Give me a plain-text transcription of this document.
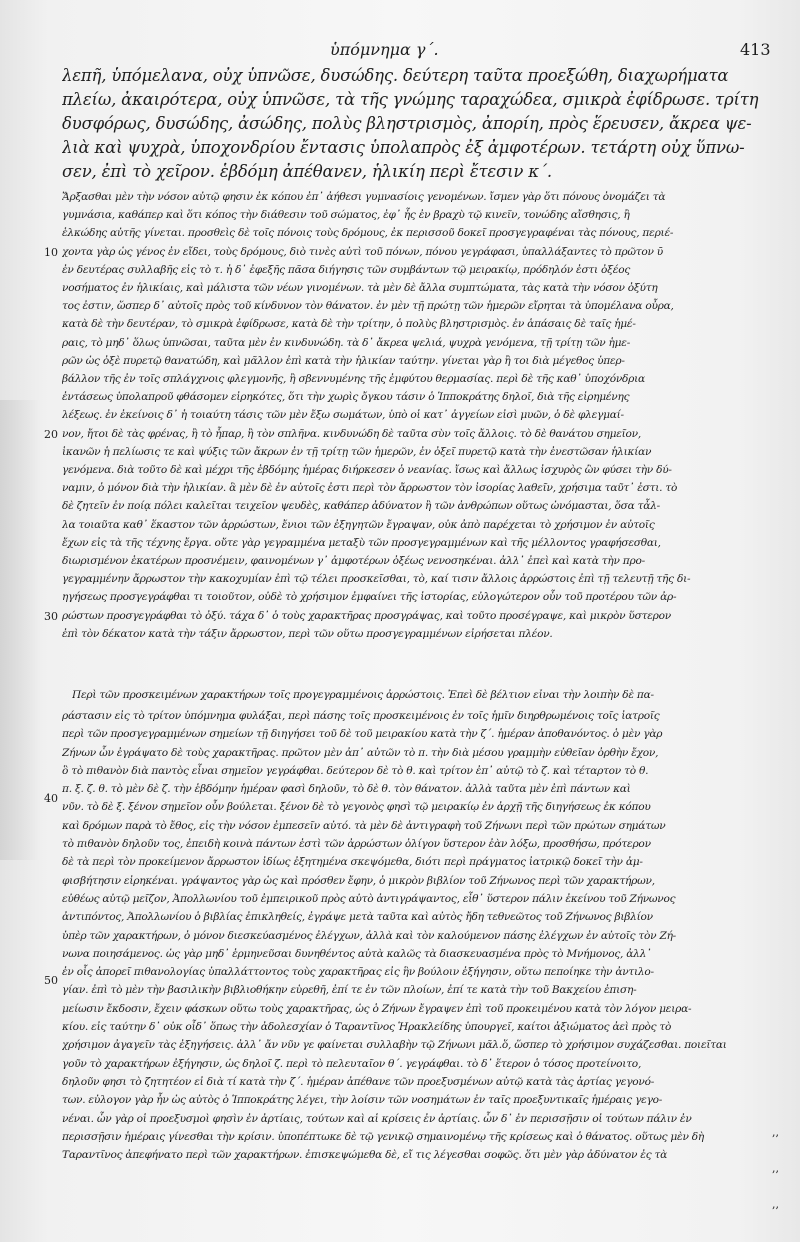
ὑπόμνημα γ´.	413
λεπῆ, ὑπόμελανα, οὐχ ὑπνῶσε, δυσώδης. δεύτερη ταῦτα προεξώθη, διαχωρήματα
πλείω, ἀκαιρότερα, οὐχ ὑπνῶσε, τὰ τῆς γνώμης ταραχώδεα, σμικρὰ ἐφίδρωσε. τρίτη
δυσφόρως, δυσώδης, ἀσώδης, πολὺς βληστρισμὸς, ἀπορίη, πρὸς ἕρευσεν, ἄκρεα ψε-
λιὰ καὶ ψυχρὰ, ὑποχονδρίου ἔντασις ὑπολαπρὸς ἐξ ἀμφοτέρων. τετάρτη οὐχ ὕπνω-
σεν, ἐπὶ τὸ χεῖρον. ἑβδόμη ἀπέθανεν, ἡλικίη περὶ ἔτεσιν κ´.
Ἄρξασθαι μὲν τὴν νόσον αὐτῷ φησιν ἐκ κόπου ἐπ᾽ ἀήθεσι γυμνασίοις γενομένων. ἴσμεν γὰρ ὅτι πόνους ὀνομάζει τὰ
γυμνάσια, καθάπερ καὶ ὅτι κόπος τὴν διάθεσιν τοῦ σώματος, ἐφ᾽ ἧς ἐν βραχὺ τῷ κινεῖν, τονώδης αἴσθησις, ἢ
ἑλκώδης αὐτῆς γίνεται. προσθεὶς δὲ τοῖς πόνοις τοὺς δρόμους, ἐκ περισσοῦ δοκεῖ προσγεγραφέναι τὰς πόνους, περιέ-
χοντα γὰρ ὡς γένος ἐν εἴδει, τοὺς δρόμους, διὸ τινὲς αὐτὶ τοῦ πόνων, πόνου γεγράφασι, ὑπαλλάξαντες τὸ πρῶτον ῡ
ἐν δευτέρας συλλαβῆς εἰς τὸ τ. ἡ δ᾽ ἐφεξῆς πᾶσα διήγησις τῶν συμβάντων τῷ μειρακίῳ, πρόδηλόν ἐστι ὀξέος
νοσήματος ἐν ἡλικίαις, καὶ μάλιστα τῶν νέων γινομένων. τὰ μὲν δὲ ἄλλα συμπτώματα, τὰς κατὰ τὴν νόσον ὀξύτη
τος ἐστιν, ὥσπερ δ᾽ αὐτοῖς πρὸς τοῦ κίνδυνον τὸν θάνατον. ἐν μὲν τῇ πρώτῃ τῶν ἡμερῶν εἴρηται τὰ ὑπομέλανα οὖρα,
κατὰ δὲ τὴν δευτέραν, τὸ σμικρὰ ἐφίδρωσε, κατὰ δὲ τὴν τρίτην, ὁ πολὺς βληστρισμὸς. ἐν ἁπάσαις δὲ ταῖς ἡμέ-
ραις, τὸ μηδ᾽ ὅλως ὑπνῶσαι, ταῦτα μὲν ἐν κινδυνώδη. τὰ δ᾽ ἄκρεα ψελιά, ψυχρὰ γενόμενα, τῇ τρίτῃ τῶν ἡμε-
ρῶν ὡς ὀξὲ πυρετῷ θανατώδη, καὶ μᾶλλον ἐπὶ κατὰ τὴν ἡλικίαν ταύτην. γίνεται γὰρ ἢ τοι διὰ μέγεθος ὑπερ-
βάλλον τῆς ἐν τοῖς σπλάγχνοις φλεγμονῆς, ἢ σβεννυμένης τῆς ἐμφύτου θερμασίας. περὶ δὲ τῆς καθ᾽ ὑποχόνδρια
ἐντάσεως ὑπολαπροῦ φθάσομεν εἰρηκότες, ὅτι τὴν χωρὶς ὄγκου τάσιν ὁ Ἱπποκράτης δηλοῖ, διὰ τῆς εἰρημένης
λέξεως. ἐν ἐκείνοις δ᾽ ἡ τοιαύτη τάσις τῶν μὲν ἔξω σωμάτων, ὑπὸ οἱ κατ᾽ ἀγγείων εἰσὶ μυῶν, ὁ δὲ φλεγμαί-
νον, ἤτοι δὲ τὰς φρένας, ἢ τὸ ἧπαρ, ἢ τὸν σπλῆνα. κινδυνώδη δὲ ταῦτα σὺν τοῖς ἄλλοις. τὸ δὲ θανάτου σημεῖον,
ἱκανῶν ἡ πελίωσις τε καὶ ψύξις τῶν ἄκρων ἐν τῇ τρίτῃ τῶν ἡμερῶν, ἐν ὀξεῖ πυρετῷ κατὰ τὴν ἐνεστῶσαν ἡλικίαν
γενόμενα. διὰ τοῦτο δὲ καὶ μέχρι τῆς ἑβδόμης ἡμέρας διήρκεσεν ὁ νεανίας. ἴσως καὶ ἄλλως ἰσχυρὸς ὢν φύσει τὴν δύ-
ναμιν, ὁ μόνον διὰ τὴν ἡλικίαν. ἃ μὲν δὲ ἐν αὐτοῖς ἐστι περὶ τὸν ἄρρωστον τὸν ἰσορίας λαθεῖν, χρήσιμα ταῦτ᾽ ἐστι. τὸ
δὲ ζητεῖν ἐν ποίᾳ πόλει καλεῖται τειχεῖον ψευδὲς, καθάπερ ἀδύνατον ἢ τῶν ἀνθρώπων οὕτως ὠνόμασται, ὅσα τἆλ-
λα τοιαῦτα καθ᾽ ἕκαστον τῶν ἀρρώστων, ἔνιοι τῶν ἐξηγητῶν ἔγραψαν, οὐκ ἀπὸ παρέχεται τὸ χρήσιμον ἐν αὐτοῖς
ἔχων εἰς τὰ τῆς τέχνης ἔργα. οὔτε γὰρ γεγραμμένα μεταξὺ τῶν προσγεγραμμένων καὶ τῆς μέλλοντος γραφήσεσθαι,
διωρισμένον ἑκατέρων προσνέμειν, φαινομένων γ᾽ ἀμφοτέρων ὀξέως νενοσηκέναι. ἀλλ᾽ ἐπεὶ καὶ κατὰ τὴν προ-
γεγραμμένην ἄρρωστον τὴν κακοχυμίαν ἐπὶ τῷ τέλει προσκεῖσθαι, τὸ, καί τισιν ἄλλοις ἀρρώστοις ἐπὶ τῇ τελευτῇ τῆς δι-
ηγήσεως προσγεγράφθαι τι τοιοῦτον, οὐδὲ τὸ χρήσιμον ἐμφαίνει τῆς ἱστορίας, εὐλογώτερον οὖν τοῦ προτέρου τῶν ἀρ-
ρώστων προσγεγράφθαι τὸ ὀξύ. τάχα δ᾽ ὁ τοὺς χαρακτῆρας προσγράψας, καὶ τοῦτο προσέγραψε, καὶ μικρὸν ὕστερον
ἐπὶ τὸν δέκατον κατὰ τὴν τάξιν ἄρρωστον, περὶ τῶν οὕτω προσγεγραμμένων εἰρήσεται πλέον.
Περὶ τῶν προσκειμένων χαρακτήρων τοῖς προγεγραμμένοις ἀρρώστοις. Ἐπεὶ δὲ βέλτιον εἶναι τὴν λοιπὴν δὲ πα-
ράστασιν εἰς τὸ τρίτον ὑπόμνημα φυλάξαι, περὶ πάσης τοῖς προσκειμένοις ἐν τοῖς ἡμῖν διηρθρωμένοις τοῖς ἰατροῖς
περὶ τῶν προσγεγραμμένων σημείων τῇ διηγήσει τοῦ δὲ τοῦ μειρακίου κατὰ τὴν ζ´. ἡμέραν ἀποθανόντος. ὁ μὲν γὰρ
Ζήνων ὧν ἐγράψατο δὲ τοὺς χαρακτῆρας. πρῶτον μὲν ἀπ᾽ αὐτῶν τὸ π. τὴν διὰ μέσου γραμμὴν εὐθεῖαν ὀρθὴν ἔχον,
ὃ τὸ πιθανὸν διὰ παντὸς εἶναι σημεῖον γεγράφθαι. δεύτερον δὲ τὸ θ. καὶ τρίτον ἐπ᾽ αὐτῷ τὸ ζ. καὶ τέταρτον τὸ θ.
π. ξ. ζ. θ. τὸ μὲν δὲ ζ. τὴν ἑβδόμην ἡμέραν φασὶ δηλοῦν, τὸ δὲ θ. τὸν θάνατον. ἀλλὰ ταῦτα μὲν ἐπὶ πάντων καὶ
νῦν. τὸ δὲ ξ. ξένον σημεῖον οὖν βούλεται. ξένον δὲ τὸ γεγονὸς φησὶ τῷ μειρακίῳ ἐν ἀρχῇ τῆς διηγήσεως ἐκ κόπου
καὶ δρόμων παρὰ τὸ ἔθος, εἰς τὴν νόσον ἐμπεσεῖν αὐτό. τὰ μὲν δὲ ἀντιγραφὴ τοῦ Ζήνωνι περὶ τῶν πρώτων σημάτων
τὸ πιθανὸν δηλοῦν τος, ἐπειδὴ κοινὰ πάντων ἐστὶ τῶν ἀρρώστων ὀλίγον ὕστερον ἐὰν λόξω, προσθήσω, πρότερον
δὲ τὰ περὶ τὸν προκείμενον ἄρρωστον ἰδίως ἐξητημένα σκεψόμεθα, διότι περὶ πράγματος ἰατρικῷ δοκεῖ τὴν ἀμ-
φισβήτησιν εἰρηκέναι. γράψαντος γὰρ ὡς καὶ πρόσθεν ἔφην, ὁ μικρὸν βιβλίον τοῦ Ζήνωνος περὶ τῶν χαρακτήρων,
εὐθέως αὐτῷ μεῖζον, Ἀπολλωνίου τοῦ ἐμπειρικοῦ πρὸς αὐτὸ ἀντιγράψαντος, εἶθ᾽ ὕστερον πάλιν ἐκείνου τοῦ Ζήνωνος
ἀντιπόντος, Ἀπολλωνίου ὁ βιβλίας ἐπικληθείς, ἐγράψε μετὰ ταῦτα καὶ αὐτὸς ἤδη τεθνεῶτος τοῦ Ζήνωνος βιβλίον
ὑπὲρ τῶν χαρακτήρων, ὁ μόνον διεσκεύασμένος ἐλέγχων, ἀλλὰ καὶ τὸν καλούμενον πάσης ἐλέγχων ἐν αὐτοῖς τὸν Ζή-
νωνα ποιησάμενος. ὡς γὰρ μηδ᾽ ἑρμηνεῦσαι δυνηθέντος αὐτὰ καλῶς τὰ διασκευασμένα πρὸς τὸ Μνήμονος, ἀλλ᾽
ἐν οἷς ἀπορεῖ πιθανολογίας ὑπαλλάττοντος τοὺς χαρακτῆρας εἰς ἣν βούλοιν ἐξήγησιν, οὕτω πεποίηκε τὴν ἀντιλο-
γίαν. ἐπὶ τὸ μὲν τὴν βασιλικὴν βιβλιοθήκην εὑρεθῆ, ἐπί τε ἐν τῶν πλοίων, ἐπί τε κατὰ τὴν τοῦ Βακχείου ἐπιση-
μείωσιν ἔκδοσιν, ἔχειν φάσκων οὕτω τοὺς χαρακτῆρας, ὡς ὁ Ζήνων ἔγραψεν ἐπὶ τοῦ προκειμένου κατὰ τὸν λόγον μειρα-
κίου. εἰς ταύτην δ᾽ οὐκ οἶδ᾽ ὅπως τὴν ἀδολεσχίαν ὁ Ταραντῖνος Ἡρακλείδης ὑπουργεῖ, καίτοι ἀξιώματος ἀεὶ πρὸς τὸ
χρήσιμον ἀγαγεῖν τὰς ἐξηγήσεις. ἀλλ᾽ ἄν νῦν γε φαίνεται συλλαβὴν τῷ Ζήνωνι μᾶλ.ὅ, ὥσπερ τὸ χρήσιμον συχάζεσθαι. ποιεῖται
γοῦν τὸ χαρακτήρων ἐξήγησιν, ὡς δηλοῖ ζ. περὶ τὸ πελευταῖον θ´. γεγράφθαι. τὸ δ᾽ ἕτερον ὁ τόσος προτείνοιτο,
δηλοῦν φησι τὸ ζητητέον εἰ διὰ τί κατὰ τὴν ζ´. ἡμέραν ἀπέθανε τῶν προεξυσμένων αὐτῷ κατὰ τὰς ἀρτίας γεγονό-
των. εὐλογον γὰρ ἦν ὡς αὐτὸς ὁ Ἱπποκράτης λέγει, τὴν λοίσιν τῶν νοσημάτων ἐν ταῖς προεξυντικαῖς ἡμέραις γεγο-
νέναι. ὧν γὰρ οἱ προεξυσμοὶ φησὶν ἐν ἀρτίαις, τούτων καὶ αἱ κρίσεις ἐν ἀρτίαις. ὧν δ᾽ ἐν περισσῇσιν οἱ τούτων πάλιν ἐν
περισσῇσιν ἡμέραις γίνεσθαι τὴν κρίσιν. ὑποπέπτωκε δὲ τῷ γενικῷ σημαινομένῳ τῆς κρίσεως καὶ ὁ θάνατος. οὕτως μὲν δὴ
Ταραντῖνος ἀπεφήνατο περὶ τῶν χαρακτήρων. ἐπισκεψώμεθα δὲ, εἴ τις λέγεσθαι σοφῶς. ὅτι μὲν γὰρ ἀδύνατον ἐς τὰ
10
20
30
40
50
,,
,,
,,
